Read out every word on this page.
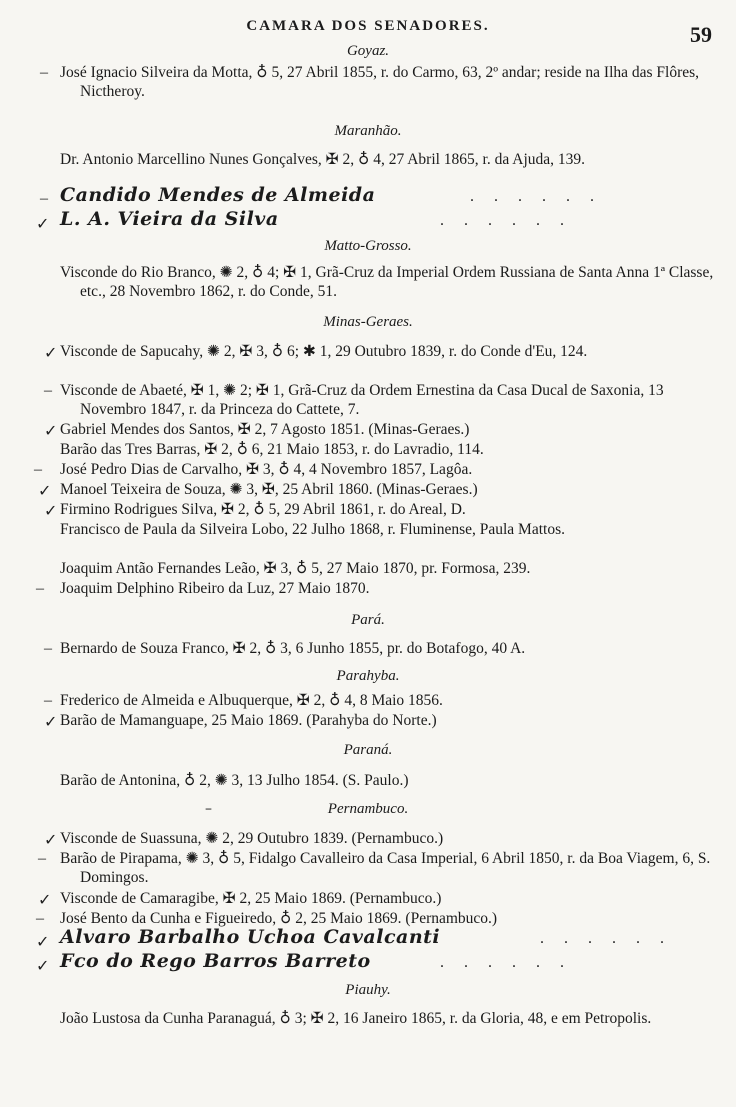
CAMARA DOS SENADORES.	59
Goyaz.
– José Ignacio Silveira da Motta, ♁ 5, 27 Abril 1855, r. do Carmo, 63, 2º andar; reside na Ilha das Flôres, Nictheroy.
Maranhão.
Dr. Antonio Marcellino Nunes Gonçalves, ✠ 2, ♁ 4, 27 Abril 1865, r. da Ajuda, 139.
– Candido Mendes de Almeida	. . . . . .
✓ L. A. Vieira da Silva	. . . . . .
Matto-Grosso.
Visconde do Rio Branco, ✺ 2, ♁ 4; ✠ 1, Grã-Cruz da Imperial Ordem Russiana de Santa Anna 1ª Classe, etc., 28 Novembro 1862, r. do Conde, 51.
Minas-Geraes.
✓ Visconde de Sapucahy, ✺ 2, ✠ 3, ♁ 6; ✱ 1, 29 Outubro 1839, r. do Conde d'Eu, 124.
– Visconde de Abaeté, ✠ 1, ✺ 2; ✠ 1, Grã-Cruz da Ordem Ernestina da Casa Ducal de Saxonia, 13 Novembro 1847, r. da Princeza do Cattete, 7.
✓ Gabriel Mendes dos Santos, ✠ 2, 7 Agosto 1851. (Minas-Geraes.)
Barão das Tres Barras, ✠ 2, ♁ 6, 21 Maio 1853, r. do Lavradio, 114.
– José Pedro Dias de Carvalho, ✠ 3, ♁ 4, 4 Novembro 1857, Lagôa.
✓ Manoel Teixeira de Souza, ✺ 3, ✠, 25 Abril 1860. (Minas-Geraes.)
✓ Firmino Rodrigues Silva, ✠ 2, ♁ 5, 29 Abril 1861, r. do Areal, D.
Francisco de Paula da Silveira Lobo, 22 Julho 1868, r. Fluminense, Paula Mattos.
Joaquim Antão Fernandes Leão, ✠ 3, ♁ 5, 27 Maio 1870, pr. Formosa, 239.
– Joaquim Delphino Ribeiro da Luz, 27 Maio 1870.
Pará.
– Bernardo de Souza Franco, ✠ 2, ♁ 3, 6 Junho 1855, pr. do Botafogo, 40 A.
Parahyba.
– Frederico de Almeida e Albuquerque, ✠ 2, ♁ 4, 8 Maio 1856.
✓ Barão de Mamanguape, 25 Maio 1869. (Parahyba do Norte.)
Paraná.
Barão de Antonina, ♁ 2, ✺ 3, 13 Julho 1854. (S. Paulo.)
–	Pernambuco.
✓ Visconde de Suassuna, ✺ 2, 29 Outubro 1839. (Pernambuco.)
– Barão de Pirapama, ✺ 3, ♁ 5, Fidalgo Cavalleiro da Casa Imperial, 6 Abril 1850, r. da Boa Viagem, 6, S. Domingos.
✓ Visconde de Camaragibe, ✠ 2, 25 Maio 1869. (Pernambuco.)
– José Bento da Cunha e Figueiredo, ♁ 2, 25 Maio 1869. (Pernambuco.)
✓ Alvaro Barbalho Uchoa Cavalcanti	. . . . . .
✓ Fco do Rego Barros Barreto	. . . . . .
Piauhy.
João Lustosa da Cunha Paranaguá, ♁ 3; ✠ 2, 16 Janeiro 1865, r. da Gloria, 48, e em Petropolis.
